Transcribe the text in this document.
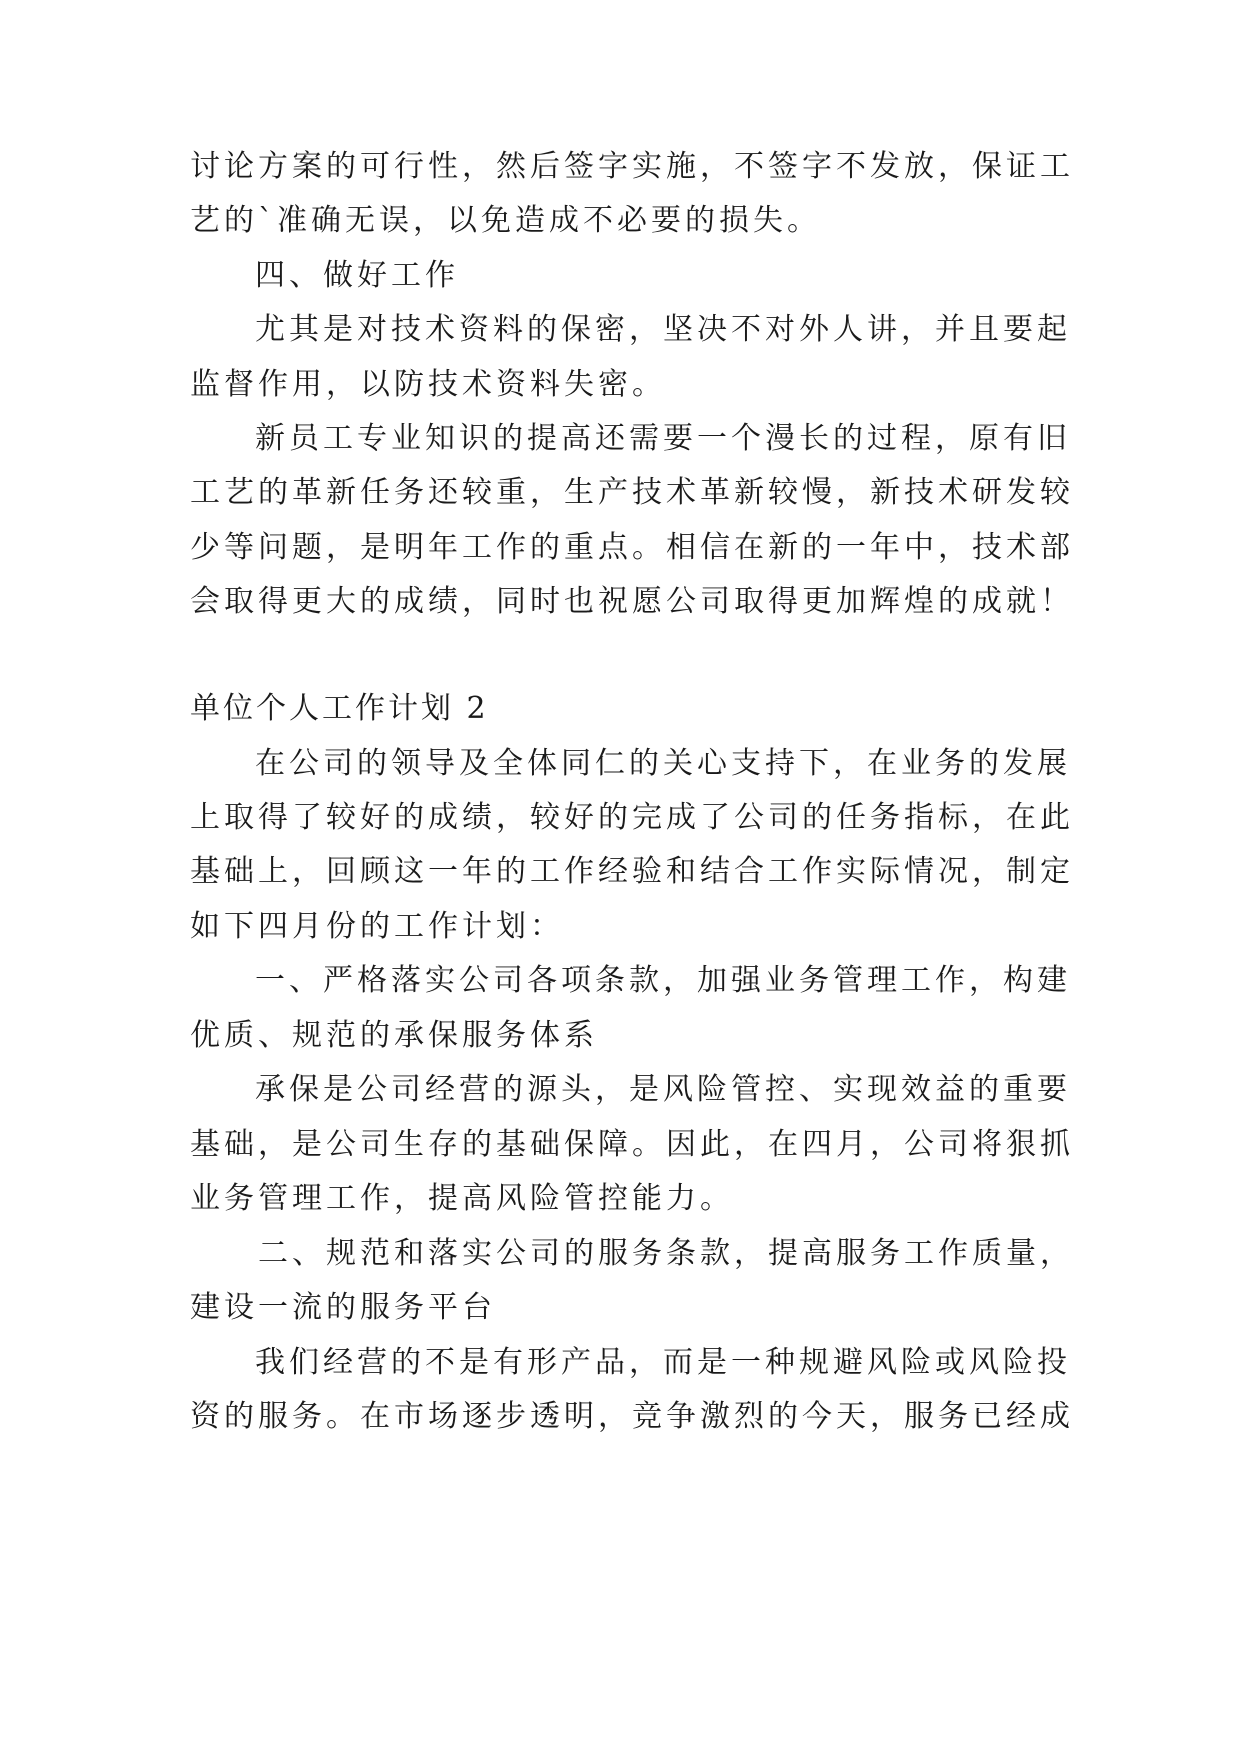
讨论方案的可行性，然后签字实施，不签字不发放，保证工
艺的`准确无误，以免造成不必要的损失。
四、做好工作
尤其是对技术资料的保密，坚决不对外人讲，并且要起
监督作用，以防技术资料失密。
新员工专业知识的提高还需要一个漫长的过程，原有旧
工艺的革新任务还较重，生产技术革新较慢，新技术研发较
少等问题，是明年工作的重点。相信在新的一年中，技术部
会取得更大的成绩，同时也祝愿公司取得更加辉煌的成就！
单位个人工作计划 2
在公司的领导及全体同仁的关心支持下，在业务的发展
上取得了较好的成绩，较好的完成了公司的任务指标，在此
基础上，回顾这一年的工作经验和结合工作实际情况，制定
如下四月份的工作计划：
一、严格落实公司各项条款，加强业务管理工作，构建
优质、规范的承保服务体系
承保是公司经营的源头，是风险管控、实现效益的重要
基础，是公司生存的基础保障。因此，在四月，公司将狠抓
业务管理工作，提高风险管控能力。
二、规范和落实公司的服务条款，提高服务工作质量，
建设一流的服务平台
我们经营的不是有形产品，而是一种规避风险或风险投
资的服务。在市场逐步透明，竞争激烈的今天，服务已经成
